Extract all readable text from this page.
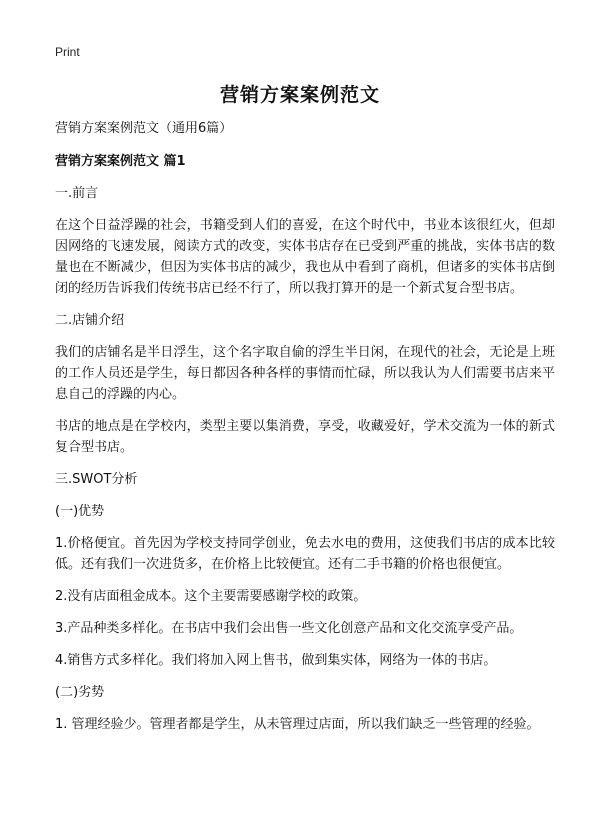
Print
营销方案案例范文

营销方案案例范文（通用6篇）

营销方案案例范文 篇1

一.前言

在这个日益浮躁的社会，书籍受到人们的喜爱，在这个时代中，书业本该很红火，但却因网络的飞速发展，阅读方式的改变，实体书店存在已受到严重的挑战，实体书店的数量也在不断减少，但因为实体书店的减少，我也从中看到了商机，但诸多的实体书店倒闭的经历告诉我们传统书店已经不行了，所以我打算开的是一个新式复合型书店。

二.店铺介绍

我们的店铺名是半日浮生，这个名字取自偷的浮生半日闲，在现代的社会，无论是上班的工作人员还是学生，每日都因各种各样的事情而忙碌，所以我认为人们需要书店来平息自己的浮躁的内心。

书店的地点是在学校内，类型主要以集消费，享受，收藏爱好，学术交流为一体的新式复合型书店。

三.SWOT分析

(一)优势

1.价格便宜。首先因为学校支持同学创业，免去水电的费用，这使我们书店的成本比较低。还有我们一次进货多，在价格上比较便宜。还有二手书籍的价格也很便宜。

2.没有店面租金成本。这个主要需要感谢学校的政策。

3.产品种类多样化。在书店中我们会出售一些文化创意产品和文化交流享受产品。

4.销售方式多样化。我们将加入网上售书，做到集实体，网络为一体的书店。

(二)劣势

1. 管理经验少。管理者都是学生，从未管理过店面，所以我们缺乏一些管理的经验。
